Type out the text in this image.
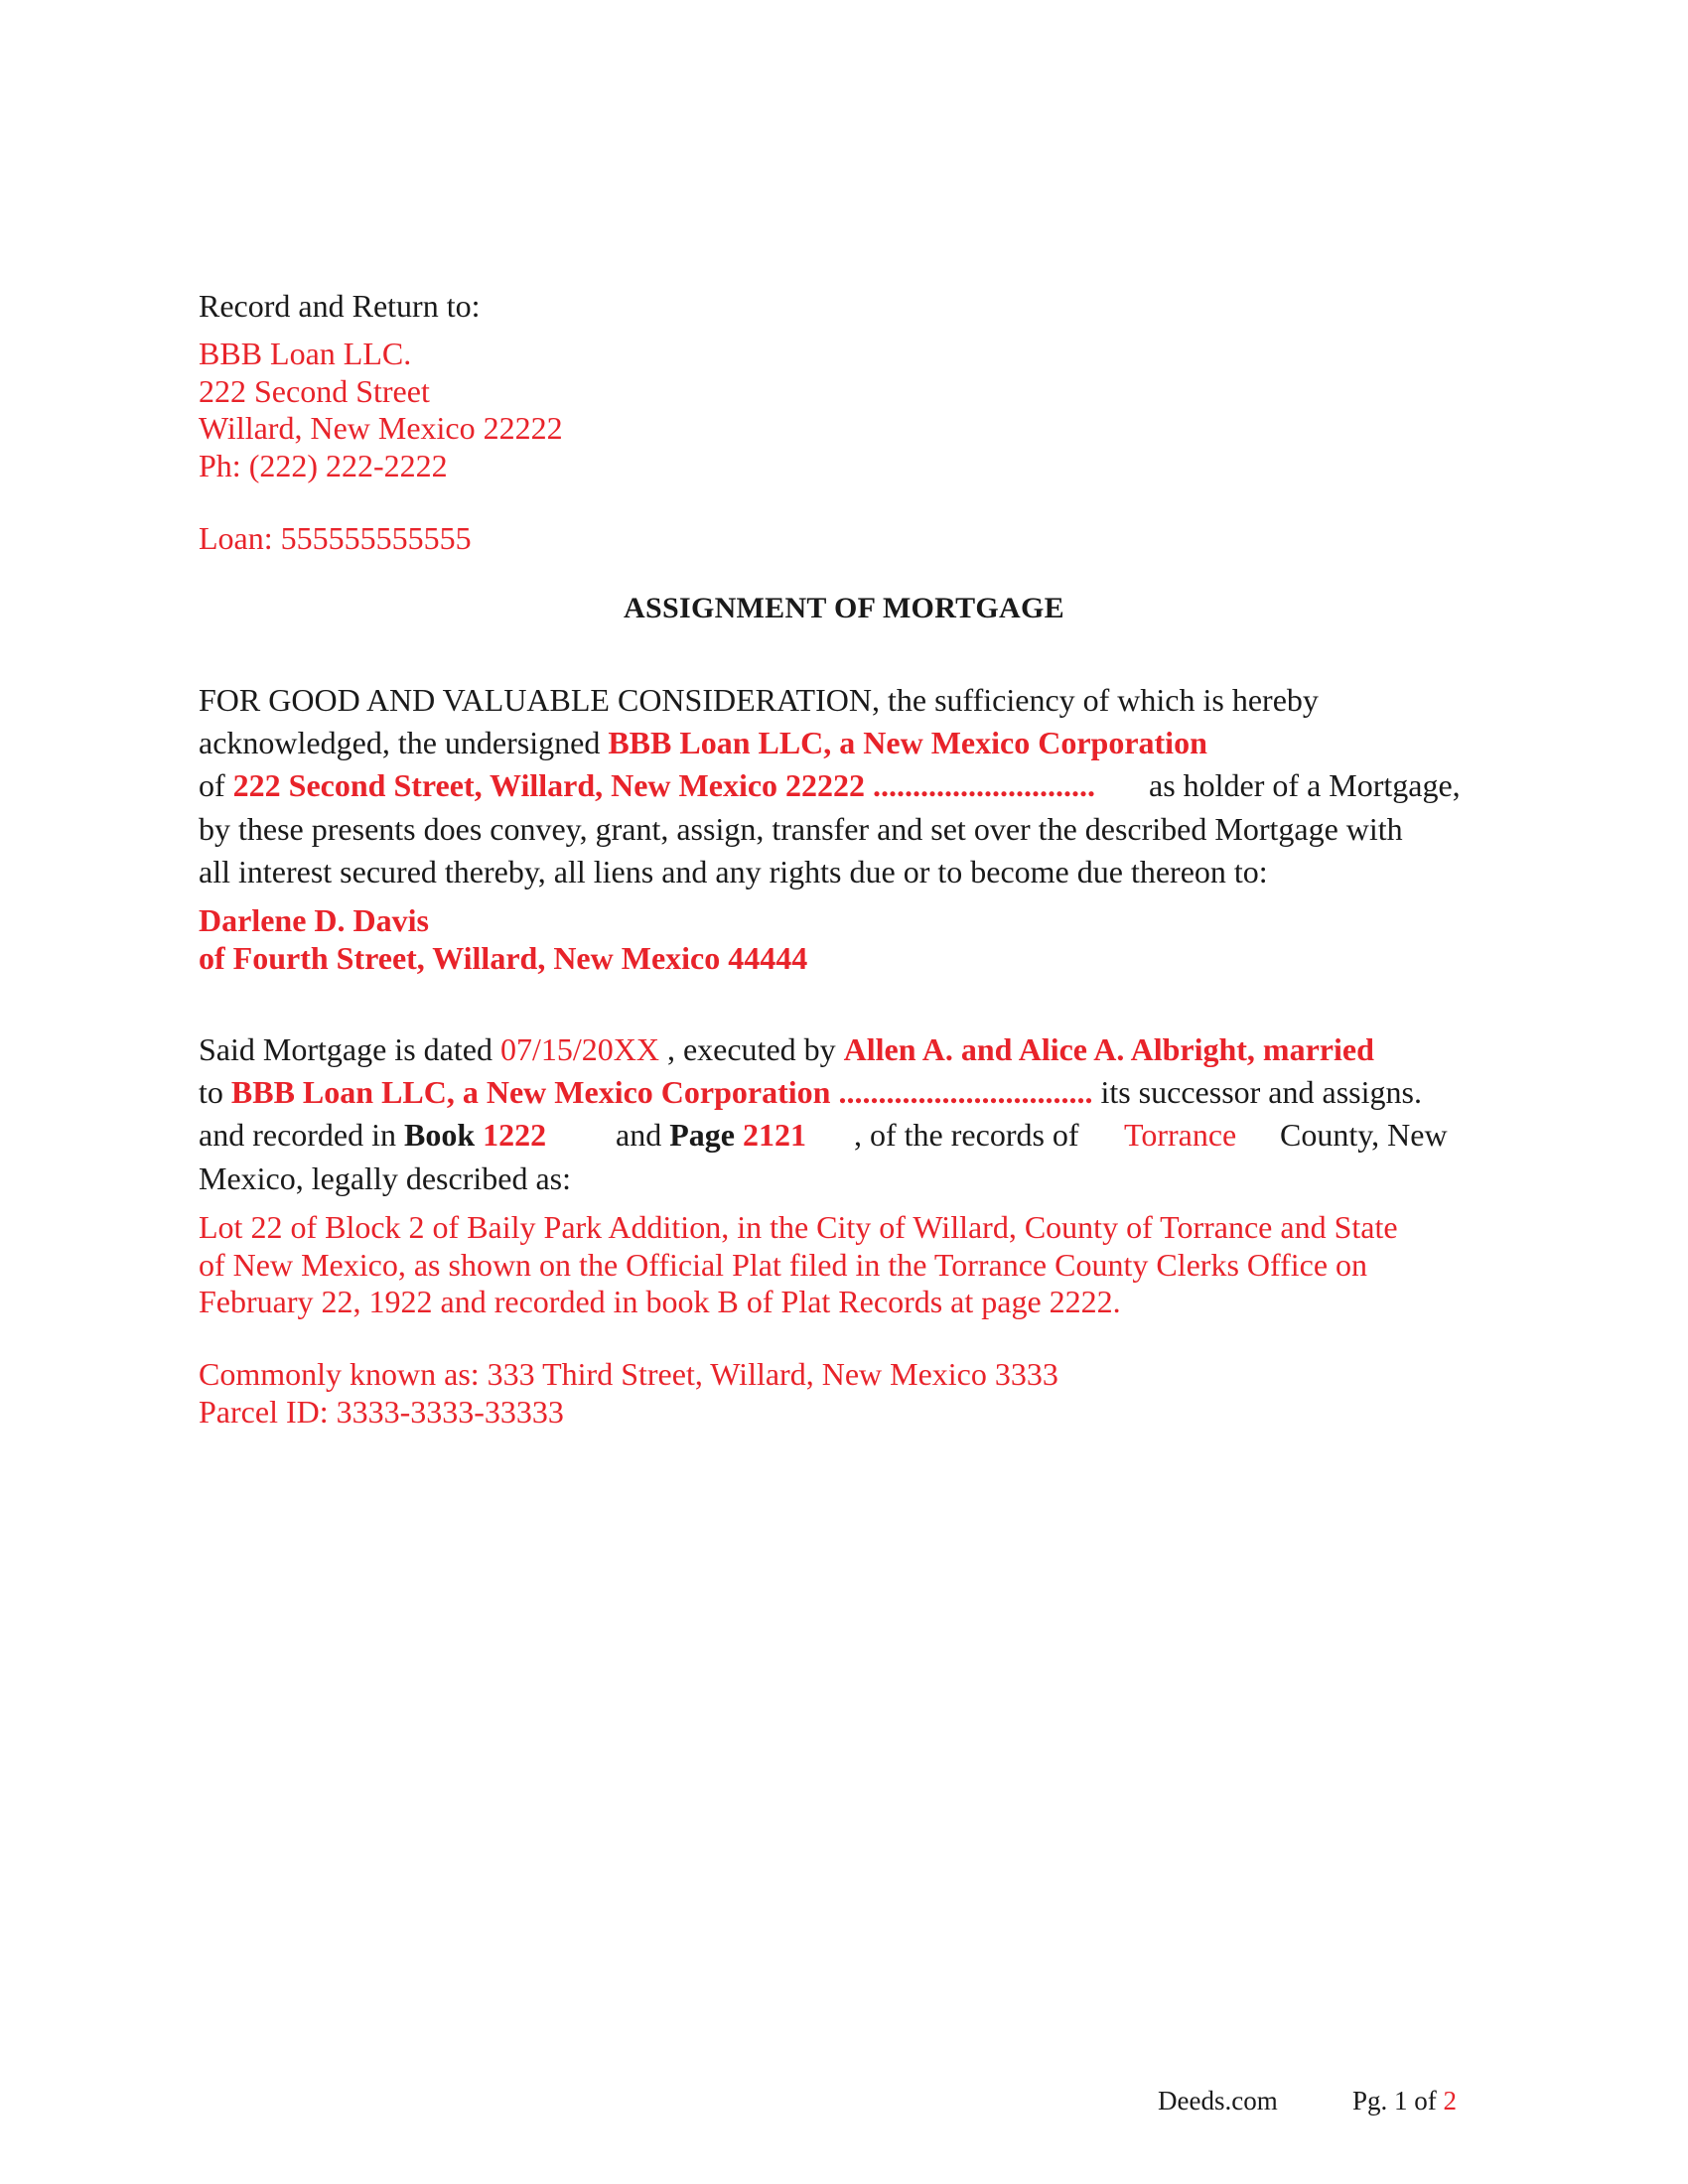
Record and Return to:
BBB Loan LLC.
222 Second Street
Willard, New Mexico 22222
Ph: (222) 222-2222
Loan: 555555555555
ASSIGNMENT OF MORTGAGE
FOR GOOD AND VALUABLE CONSIDERATION, the sufficiency of which is hereby
acknowledged, the undersigned BBB Loan LLC, a New Mexico Corporation
of 222 Second Street, Willard, New Mexico 22222 ............................ as holder of a Mortgage,
by these presents does convey, grant, assign, transfer and set over the described Mortgage with
all interest secured thereby, all liens and any rights due or to become due thereon to:
Darlene D. Davis
of Fourth Street, Willard, New Mexico 44444
Said Mortgage is dated 07/15/20XX , executed by Allen A. and Alice A. Albright, married
to BBB Loan LLC, a New Mexico Corporation ................................ its successor and assigns.
and recorded in Book 1222 and Page 2121 , of the records of Torrance County, New
Mexico, legally described as:
Lot 22 of Block 2 of Baily Park Addition, in the City of Willard, County of Torrance and State
of New Mexico, as shown on the Official Plat filed in the Torrance County Clerks Office on
February 22, 1922 and recorded in book B of Plat Records at page 2222.
Commonly known as: 333 Third Street, Willard, New Mexico 3333
Parcel ID: 3333-3333-33333
Deeds.com	Pg. 1 of 2
